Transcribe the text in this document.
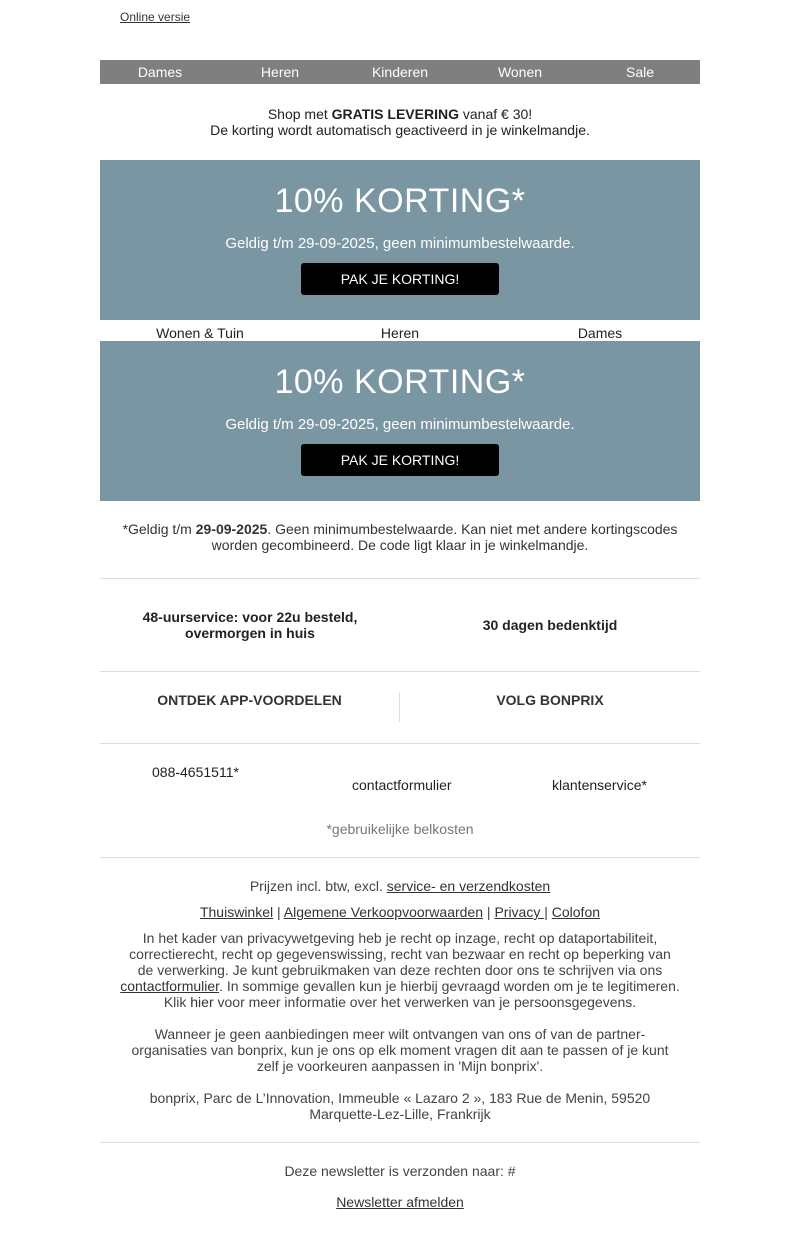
Online versie
Dames	Heren	Kinderen	Wonen	Sale
Shop met GRATIS LEVERING vanaf € 30!
De korting wordt automatisch geactiveerd in je winkelmandje.
10% KORTING*
Geldig t/m 29-09-2025, geen minimumbestelwaarde.
PAK JE KORTING!
Wonen & Tuin	Heren	Dames
10% KORTING*
Geldig t/m 29-09-2025, geen minimumbestelwaarde.
PAK JE KORTING!
*Geldig t/m 29-09-2025. Geen minimumbestelwaarde. Kan niet met andere kortingscodes worden gecombineerd. De code ligt klaar in je winkelmandje.
48-uurservice: voor 22u besteld,
overmorgen in huis	30 dagen bedenktijd
ONTDEK APP-VOORDELEN	VOLG BONPRIX
088-4651511*
contactformulier	klantenservice*
*gebruikelijke belkosten
Prijzen incl. btw, excl. service- en verzendkosten
Thuiswinkel | Algemene Verkoopvoorwaarden | Privacy | Colofon
In het kader van privacywetgeving heb je recht op inzage, recht op dataportabiliteit, correctierecht, recht op gegevenswissing, recht van bezwaar en recht op beperking van de verwerking. Je kunt gebruikmaken van deze rechten door ons te schrijven via ons contactformulier. In sommige gevallen kun je hierbij gevraagd worden om je te legitimeren. Klik hier voor meer informatie over het verwerken van je persoonsgegevens.
Wanneer je geen aanbiedingen meer wilt ontvangen van ons of van de partner-organisaties van bonprix, kun je ons op elk moment vragen dit aan te passen of je kunt zelf je voorkeuren aanpassen in 'Mijn bonprix'.
bonprix, Parc de L’Innovation, Immeuble « Lazaro 2 », 183 Rue de Menin, 59520 Marquette-Lez-Lille, Frankrijk
Deze newsletter is verzonden naar: #
Newsletter afmelden
